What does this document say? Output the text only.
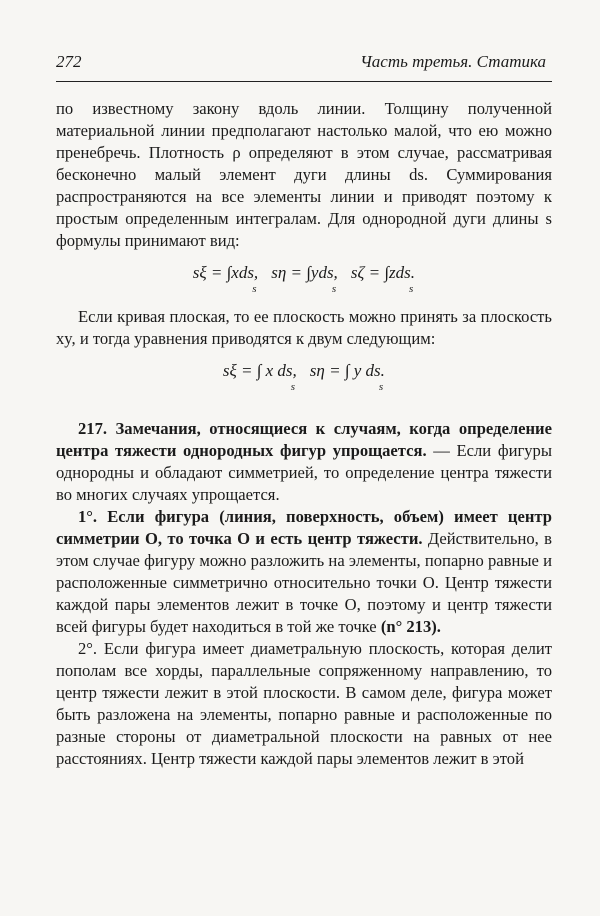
272	Часть третья. Статика

по известному закону вдоль линии. Толщину полученной материальной линии предполагают настолько малой, что ею можно пренебречь. Плотность ρ определяют в этом случае, рассматривая бесконечно малый элемент дуги длины ds. Суммирования распространяются на все элементы линии и приводят поэтому к простым определенным интегралам. Для однородной дуги длины s формулы принимают вид:

$s\xi = \int xds,_s$   $s\eta = \int yds,_s$   $s\zeta = \int zds._s$

Если кривая плоская, то ее плоскость можно принять за плоскость xy, и тогда уравнения приводятся к двум следующим:

sξ = ∫ x $ds,_s$   sη = ∫ y $ds._s$

217. Замечания, относящиеся к случаям, когда определение центра тяжести однородных фигур упрощается. — Если фигуры однородны и обладают симметрией, то определение центра тяжести во многих случаях упрощается.

1°. Если фигура (линия, поверхность, объем) имеет центр симметрии O, то точка O и есть центр тяжести. Действительно, в этом случае фигуру можно разложить на элементы, попарно равные и расположенные симметрично относительно точки O. Центр тяжести каждой пары элементов лежит в точке O, поэтому и центр тяжести всей фигуры будет находиться в той же точке (n° 213).

2°. Если фигура имеет диаметральную плоскость, которая делит пополам все хорды, параллельные сопряженному направлению, то центр тяжести лежит в этой плоскости. В самом деле, фигура может быть разложена на элементы, попарно равные и расположенные по разные стороны от диаметральной плоскости на равных от нее расстояниях. Центр тяжести каждой пары элементов лежит в этой
